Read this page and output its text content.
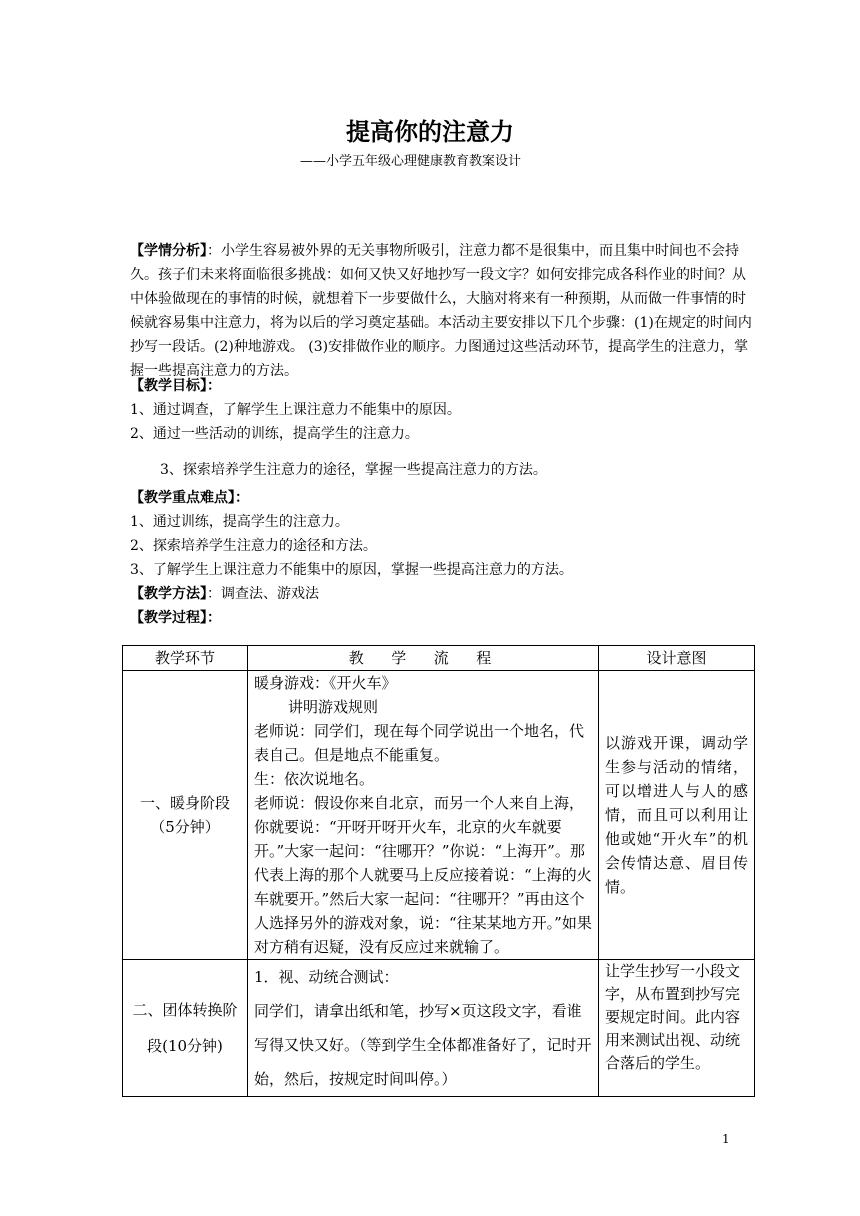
提高你的注意力
——小学五年级心理健康教育教案设计

【学情分析】：小学生容易被外界的无关事物所吸引，注意力都不是很集中，而且集中时间也不会持久。孩子们未来将面临很多挑战：如何又快又好地抄写一段文字？如何安排完成各科作业的时间？从中体验做现在的事情的时候，就想着下一步要做什么，大脑对将来有一种预期，从而做一件事情的时候就容易集中注意力，将为以后的学习奠定基础。本活动主要安排以下几个步骤：(1)在规定的时间内抄写一段话。(2)种地游戏。 (3)安排做作业的顺序。力图通过这些活动环节，提高学生的注意力，掌握一些提高注意力的方法。

【教学目标】：

1、通过调查，了解学生上课注意力不能集中的原因。

2、通过一些活动的训练，提高学生的注意力。

3、探索培养学生注意力的途径，掌握一些提高注意力的方法。

【教学重点难点】：

1、通过训练，提高学生的注意力。

2、探索培养学生注意力的途径和方法。

3、了解学生上课注意力不能集中的原因，掌握一些提高注意力的方法。

【教学方法】：调查法、游戏法

【教学过程】：

教学环节	教  学  流  程	设计意图
一、暖身阶段（5分钟）	暖身游戏：《开火车》
讲明游戏规则
老师说：同学们，现在每个同学说出一个地名，代表自己。但是地点不能重复。
生：依次说地名。
老师说：假设你来自北京，而另一个人来自上海，你就要说：“开呀开呀开火车，北京的火车就要开。”大家一起问：“往哪开？”你说：“上海开”。那代表上海的那个人就要马上反应接着说：“上海的火车就要开。”然后大家一起问：“往哪开？”再由这个人选择另外的游戏对象，说：“往某某地方开。”如果对方稍有迟疑，没有反应过来就输了。	以游戏开课，调动学生参与活动的情绪，可以增进人与人的感情，而且可以利用让他或她“开火车”的机会传情达意、眉目传情。
二、团体转换阶段(10分钟)	1．视、动统合测试：
同学们，请拿出纸和笔，抄写×页这段文字，看谁写得又快又好。（等到学生全体都准备好了，记时开始，然后，按规定时间叫停。）	让学生抄写一小段文字，从布置到抄写完要规定时间。此内容用来测试出视、动统合落后的学生。
1
